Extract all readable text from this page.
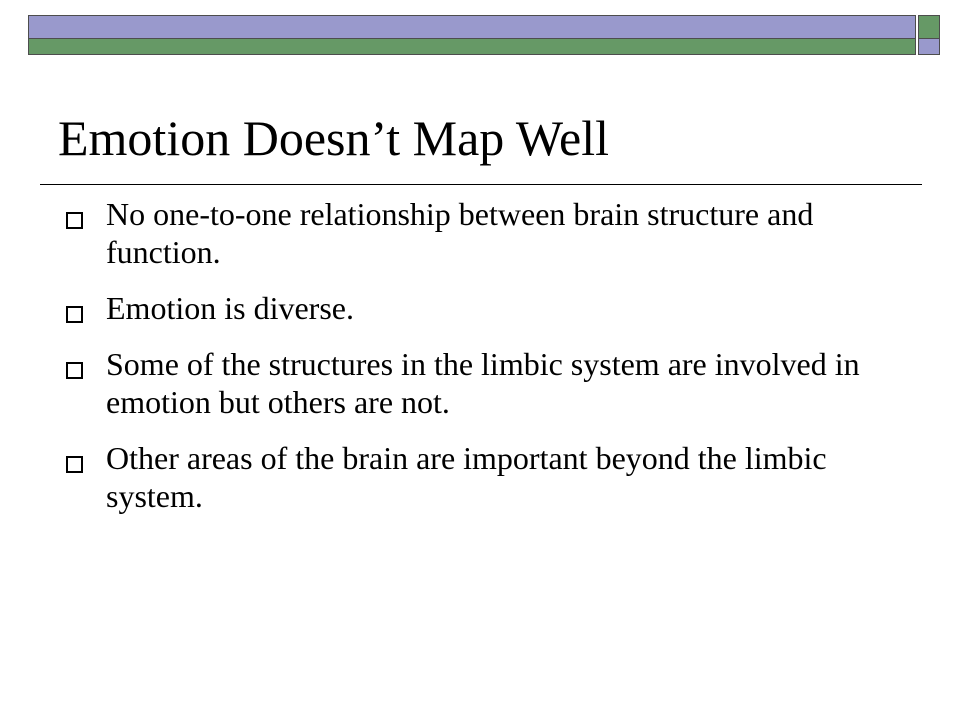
Emotion Doesn’t Map Well
No one-to-one relationship between brain structure and function.
Emotion is diverse.
Some of the structures in the limbic system are involved in emotion but others are not.
Other areas of the brain are important beyond the limbic system.
